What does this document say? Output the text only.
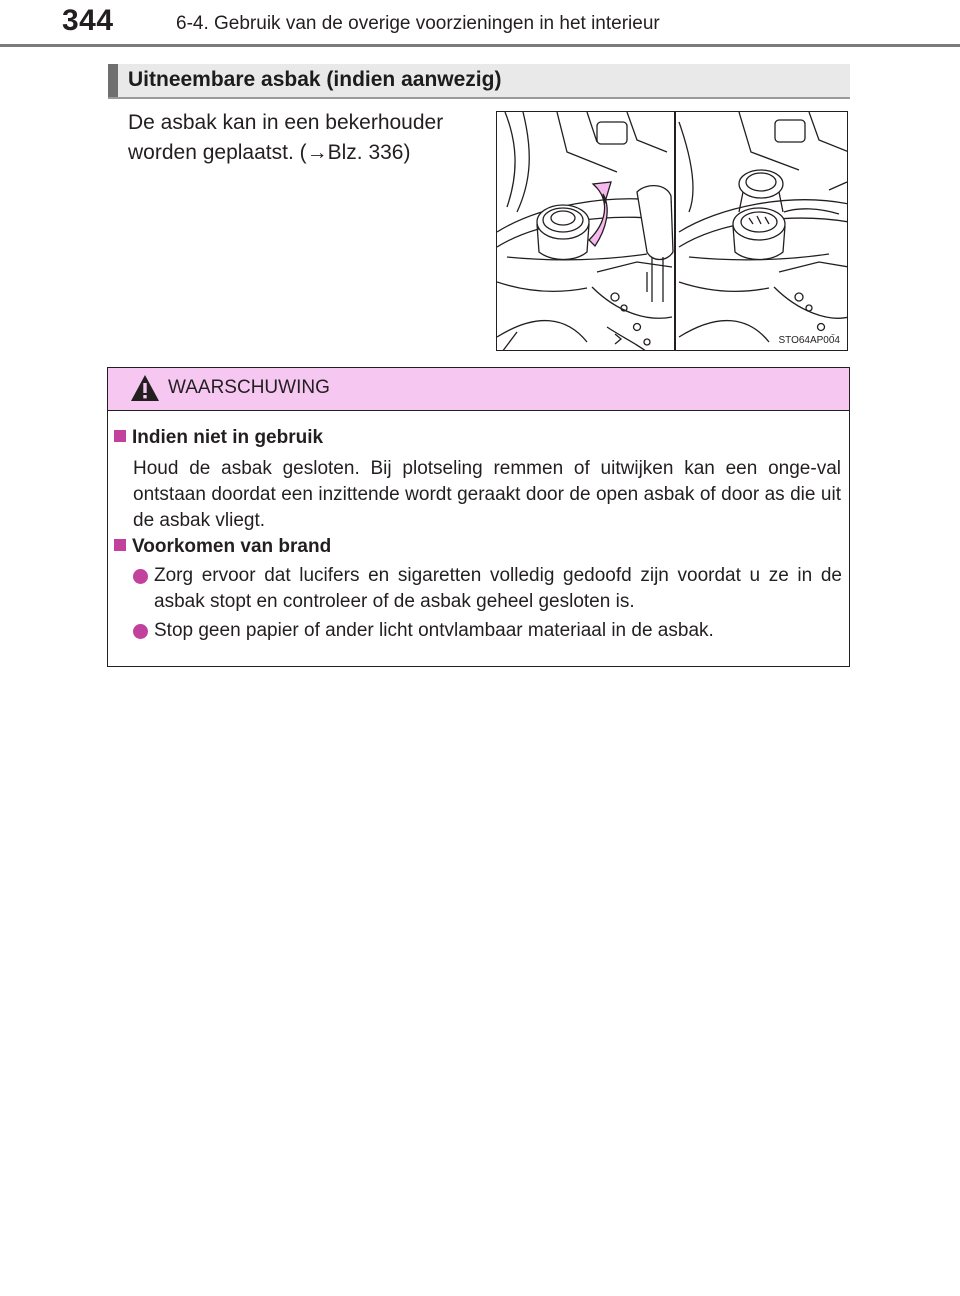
344	6-4. Gebruik van de overige voorzieningen in het interieur
Uitneembare asbak (indien aanwezig)
De asbak kan in een bekerhouder
worden geplaatst. (→Blz. 336)
STO64AP004
WAARSCHUWING
Indien niet in gebruik
Houd de asbak gesloten. Bij plotseling remmen of uitwijken kan een onge-val ontstaan doordat een inzittende wordt geraakt door de open asbak of door as die uit de asbak vliegt.
Voorkomen van brand
Zorg ervoor dat lucifers en sigaretten volledig gedoofd zijn voordat u ze in de asbak stopt en controleer of de asbak geheel gesloten is.
Stop geen papier of ander licht ontvlambaar materiaal in de asbak.
